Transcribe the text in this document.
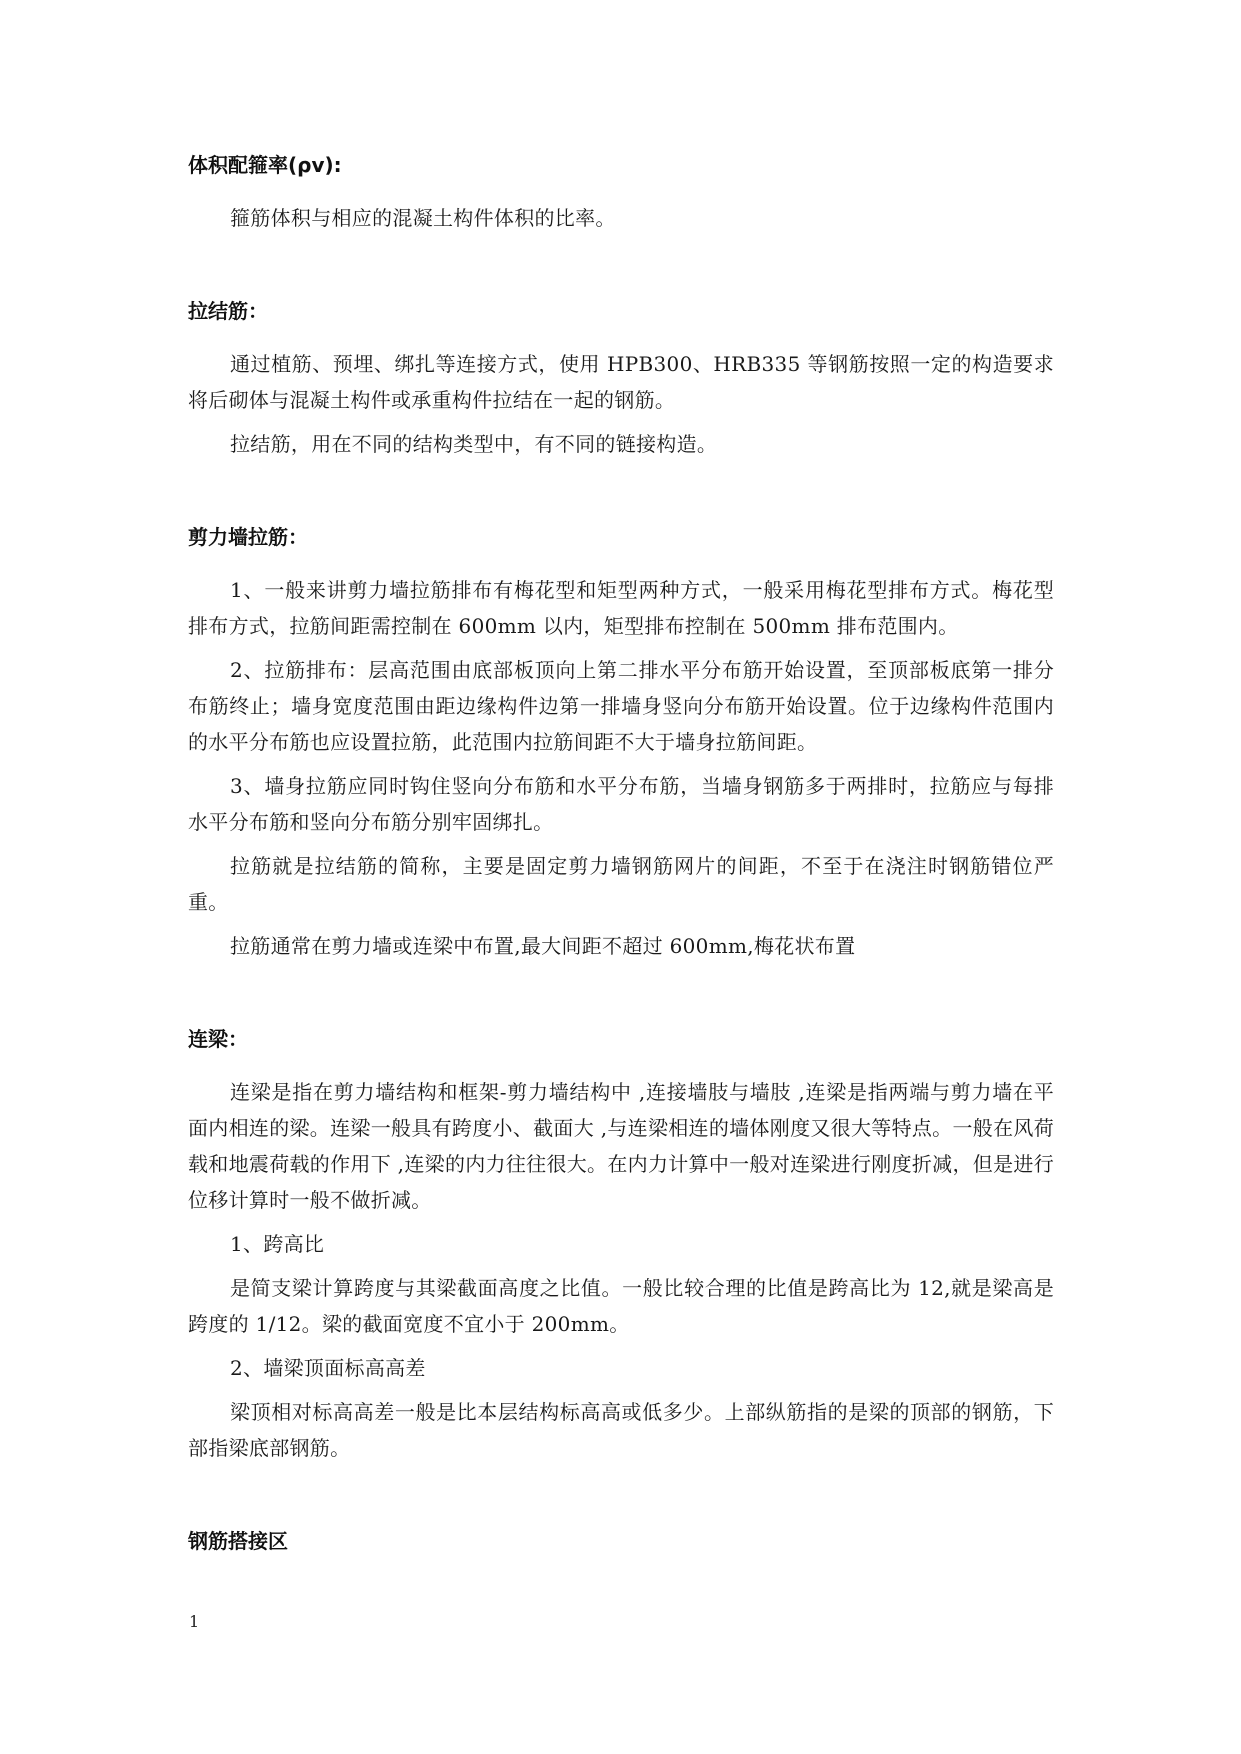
体积配箍率(ρv):

箍筋体积与相应的混凝土构件体积的比率。

拉结筋：

通过植筋、预埋、绑扎等连接方式，使用 HPB300、HRB335 等钢筋按照一定的构造要求将后砌体与混凝土构件或承重构件拉结在一起的钢筋。

拉结筋，用在不同的结构类型中，有不同的链接构造。

剪力墙拉筋：

1、一般来讲剪力墙拉筋排布有梅花型和矩型两种方式，一般采用梅花型排布方式。梅花型排布方式，拉筋间距需控制在 600mm 以内，矩型排布控制在 500mm 排布范围内。

2、拉筋排布：层高范围由底部板顶向上第二排水平分布筋开始设置，至顶部板底第一排分布筋终止；墙身宽度范围由距边缘构件边第一排墙身竖向分布筋开始设置。位于边缘构件范围内的水平分布筋也应设置拉筋，此范围内拉筋间距不大于墙身拉筋间距。

3、墙身拉筋应同时钩住竖向分布筋和水平分布筋，当墙身钢筋多于两排时，拉筋应与每排水平分布筋和竖向分布筋分别牢固绑扎。

拉筋就是拉结筋的简称，主要是固定剪力墙钢筋网片的间距，不至于在浇注时钢筋错位严重。

拉筋通常在剪力墙或连梁中布置,最大间距不超过 600mm,梅花状布置

连梁：

连梁是指在剪力墙结构和框架-剪力墙结构中 ,连接墙肢与墙肢 ,连梁是指两端与剪力墙在平面内相连的梁。连梁一般具有跨度小、截面大 ,与连梁相连的墙体刚度又很大等特点。一般在风荷载和地震荷载的作用下 ,连梁的内力往往很大。在内力计算中一般对连梁进行刚度折减，但是进行位移计算时一般不做折减。

1、跨高比

是简支梁计算跨度与其梁截面高度之比值。一般比较合理的比值是跨高比为 12,就是梁高是跨度的 1/12。梁的截面宽度不宜小于 200mm。

2、墙梁顶面标高高差

梁顶相对标高高差一般是比本层结构标高高或低多少。上部纵筋指的是梁的顶部的钢筋，下部指梁底部钢筋。

钢筋搭接区
1
